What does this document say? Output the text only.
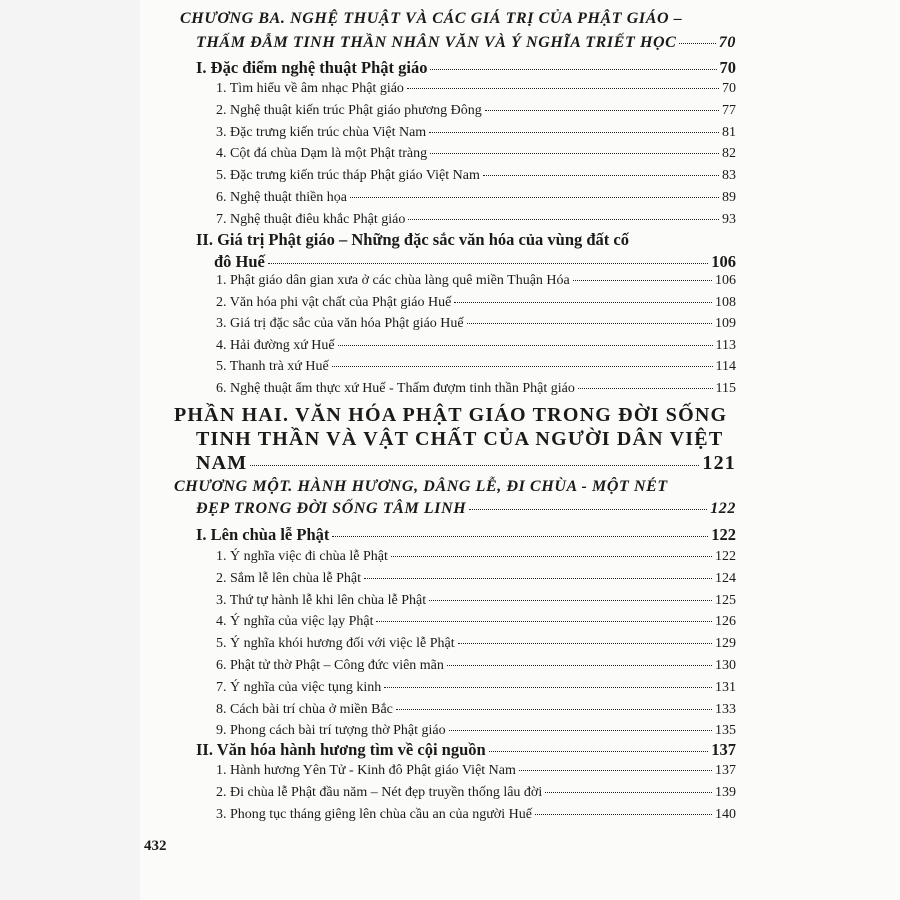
CHƯƠNG BA. NGHỆ THUẬT VÀ CÁC GIÁ TRỊ CỦA PHẬT GIÁO –
THẤM ĐẪM TINH THẦN NHÂN VĂN VÀ Ý NGHĨA TRIẾT HỌC	70
I. Đặc điểm nghệ thuật Phật giáo	70
1. Tìm hiểu về âm nhạc Phật giáo	70
2. Nghệ thuật kiến trúc Phật giáo phương Đông	77
3. Đặc trưng kiến trúc chùa Việt Nam	81
4. Cột đá chùa Dạm là một Phật tràng	82
5. Đặc trưng kiến trúc tháp Phật giáo Việt Nam	83
6. Nghệ thuật thiền họa	89
7. Nghệ thuật điêu khắc Phật giáo	93
II. Giá trị Phật giáo – Những đặc sắc văn hóa của vùng đất cố
đô Huế	106
1. Phật giáo dân gian xưa ở các chùa làng quê miền Thuận Hóa	106
2. Văn hóa phi vật chất của Phật giáo Huế	108
3. Giá trị đặc sắc của văn hóa Phật giáo Huế	109
4. Hải đường xứ Huế	113
5. Thanh trà xứ Huế	114
6. Nghệ thuật ẩm thực xứ Huế - Thấm đượm tinh thần Phật giáo	115
PHẦN HAI. VĂN HÓA PHẬT GIÁO TRONG ĐỜI SỐNG
TINH THẦN VÀ VẬT CHẤT CỦA NGƯỜI DÂN VIỆT
NAM	121
CHƯƠNG MỘT. HÀNH HƯƠNG, DÂNG LỄ, ĐI CHÙA - MỘT NÉT
ĐẸP TRONG ĐỜI SỐNG TÂM LINH	122
I. Lên chùa lễ Phật	122
1. Ý nghĩa việc đi chùa lễ Phật	122
2. Sắm lễ lên chùa lễ Phật	124
3. Thứ tự hành lễ khi lên chùa lễ Phật	125
4. Ý nghĩa của việc lạy Phật	126
5. Ý nghĩa khói hương đối với việc lễ Phật	129
6. Phật tử thờ Phật – Công đức viên mãn	130
7. Ý nghĩa của việc tụng kinh	131
8. Cách bài trí chùa ở miền Bắc	133
9. Phong cách bài trí tượng thờ Phật giáo	135
II. Văn hóa hành hương tìm về cội nguồn	137
1. Hành hương Yên Tử - Kinh đô Phật giáo Việt Nam	137
2. Đi chùa lễ Phật đầu năm – Nét đẹp truyền thống lâu đời	139
3. Phong tục tháng giêng lên chùa cầu an của người Huế	140
432
